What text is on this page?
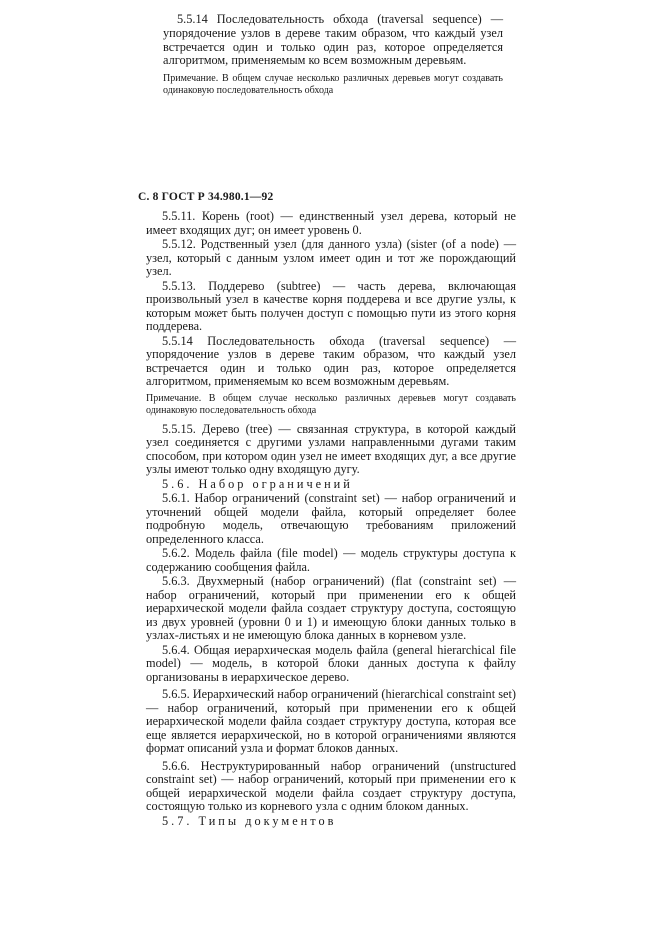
5.5.14 Последовательность обхода (traversal sequence) — упорядочение узлов в дереве таким образом, что каждый узел встречается один и только один раз, которое определяется алгоритмом, применяемым ко всем возможным деревьям.

Примечание. В общем случае несколько различных деревьев могут создавать одинаковую последовательность обхода
С. 8 ГОСТ Р 34.980.1—92

5.5.11. Корень (root) — единственный узел дерева, который не имеет входящих дуг; он имеет уровень 0.

5.5.12. Родственный узел (для данного узла) (sister (of a node) — узел, который с данным узлом имеет один и тот же порождающий узел.

5.5.13. Поддерево (subtree) — часть дерева, включающая произвольный узел в качестве корня поддерева и все другие узлы, к которым может быть получен доступ с помощью пути из этого корня поддерева.

5.5.14 Последовательность обхода (traversal sequence) — упорядочение узлов в дереве таким образом, что каждый узел встречается один и только один раз, которое определяется алгоритмом, применяемым ко всем возможным деревьям.

Примечание. В общем случае несколько различных деревьев могут создавать одинаковую последовательность обхода

5.5.15. Дерево (tree) — связанная структура, в которой каждый узел соединяется с другими узлами направленными дугами таким способом, при котором один узел не имеет входящих дуг, а все другие узлы имеют только одну входящую дугу.

5.6. Набор ограничений

5.6.1. Набор ограничений (constraint set) — набор ограничений и уточнений общей модели файла, который определяет более подробную модель, отвечающую требованиям приложений определенного класса.

5.6.2. Модель файла (file model) — модель структуры доступа к содержанию сообщения файла.

5.6.3. Двухмерный (набор ограничений) (flat (constraint set) — набор ограничений, который при применении его к общей иерархической модели файла создает структуру доступа, состоящую из двух уровней (уровни 0 и 1) и имеющую блоки данных только в узлах-листьях и не имеющую блока данных в корневом узле.

5.6.4. Общая иерархическая модель файла (general hierarchical file model) — модель, в которой блоки данных доступа к файлу организованы в иерархическое дерево.

5.6.5. Иерархический набор ограничений (hierarchical constraint set) — набор ограничений, который при применении его к общей иерархической модели файла создает структуру доступа, которая все еще является иерархической, но в которой ограничениями являются формат описаний узла и формат блоков данных.

5.6.6. Неструктурированный набор ограничений (unstructured constraint set) — набор ограничений, который при применении его к общей иерархической модели файла создает структуру доступа, состоящую только из корневого узла с одним блоком данных.

5.7. Типы документов
